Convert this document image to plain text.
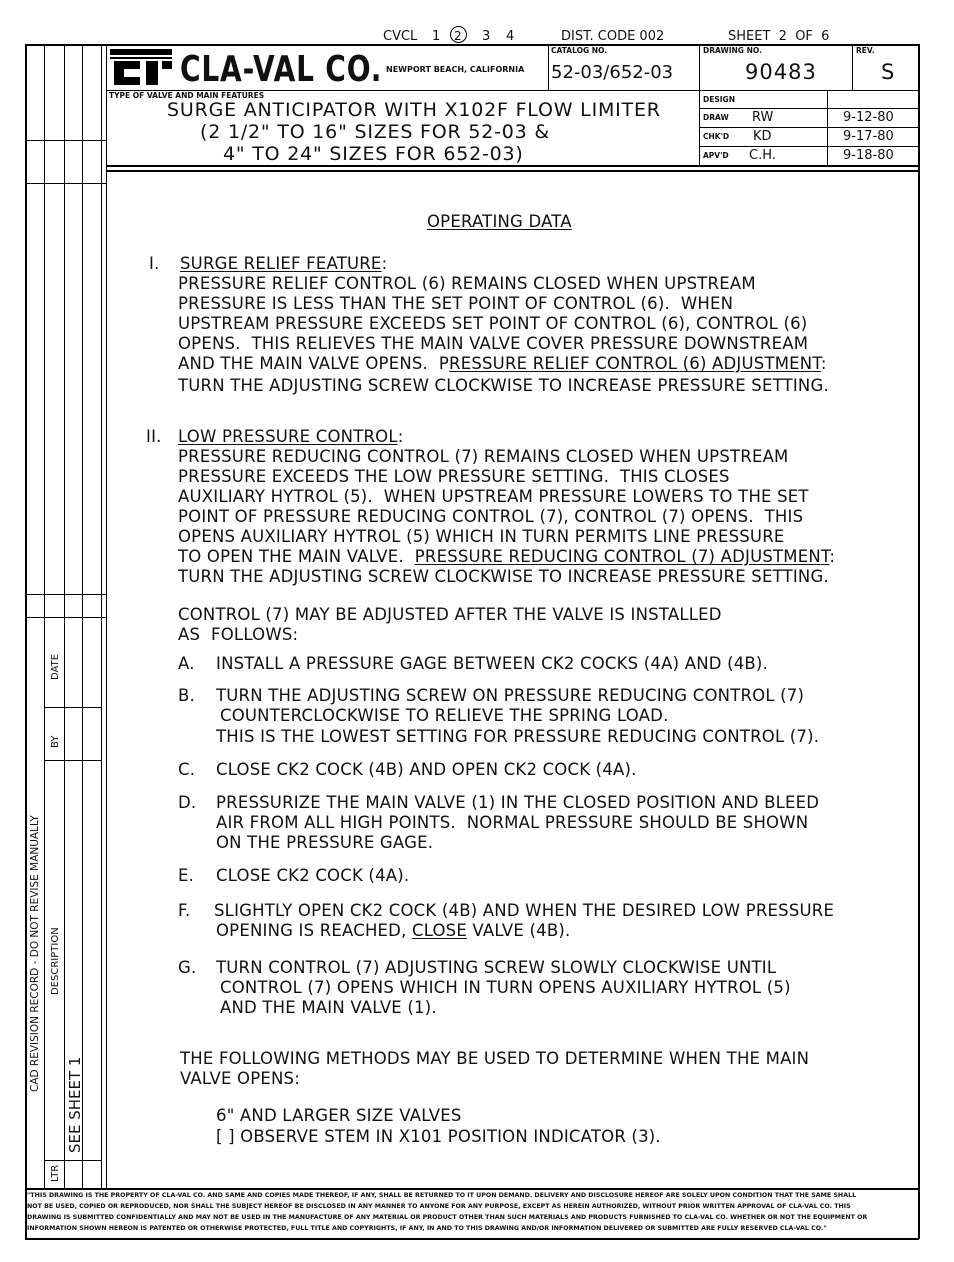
CVCL 1 2 3 4	DIST. CODE 002	SHEET  2  OF  6
CLA-VAL CO. NEWPORT BEACH, CALIFORNIA
CATALOG NO.
52-03/652-03
DRAWING NO.
90483
REV.
S
TYPE OF VALVE AND MAIN FEATURES
SURGE ANTICIPATOR WITH X102F FLOW LIMITER
(2 1/2" TO 16" SIZES FOR 52-03 &
4" TO 24" SIZES FOR 652-03)
DESIGN
DRAW RW	9-12-80
CHK'D KD	9-17-80
APV'D C.H.	9-18-80
DATE
BY
DESCRIPTION
LTR
SEE SHEET 1
CAD REVISION RECORD - DO NOT REVISE MANUALLY
OPERATING DATA
I. SURGE RELIEF FEATURE:
PRESSURE RELIEF CONTROL (6) REMAINS CLOSED WHEN UPSTREAM
PRESSURE IS LESS THAN THE SET POINT OF CONTROL (6).  WHEN
UPSTREAM PRESSURE EXCEEDS SET POINT OF CONTROL (6), CONTROL (6)
OPENS.  THIS RELIEVES THE MAIN VALVE COVER PRESSURE DOWNSTREAM
AND THE MAIN VALVE OPENS.  PRESSURE RELIEF CONTROL (6) ADJUSTMENT:
TURN THE ADJUSTING SCREW CLOCKWISE TO INCREASE PRESSURE SETTING.
II. LOW PRESSURE CONTROL:
PRESSURE REDUCING CONTROL (7) REMAINS CLOSED WHEN UPSTREAM
PRESSURE EXCEEDS THE LOW PRESSURE SETTING.  THIS CLOSES
AUXILIARY HYTROL (5).  WHEN UPSTREAM PRESSURE LOWERS TO THE SET
POINT OF PRESSURE REDUCING CONTROL (7), CONTROL (7) OPENS.  THIS
OPENS AUXILIARY HYTROL (5) WHICH IN TURN PERMITS LINE PRESSURE
TO OPEN THE MAIN VALVE.  PRESSURE REDUCING CONTROL (7) ADJUSTMENT:
TURN THE ADJUSTING SCREW CLOCKWISE TO INCREASE PRESSURE SETTING.
CONTROL (7) MAY BE ADJUSTED AFTER THE VALVE IS INSTALLED
AS  FOLLOWS:
A. INSTALL A PRESSURE GAGE BETWEEN CK2 COCKS (4A) AND (4B).
B. TURN THE ADJUSTING SCREW ON PRESSURE REDUCING CONTROL (7)
COUNTERCLOCKWISE TO RELIEVE THE SPRING LOAD.
THIS IS THE LOWEST SETTING FOR PRESSURE REDUCING CONTROL (7).
C. CLOSE CK2 COCK (4B) AND OPEN CK2 COCK (4A).
D. PRESSURIZE THE MAIN VALVE (1) IN THE CLOSED POSITION AND BLEED
AIR FROM ALL HIGH POINTS.  NORMAL PRESSURE SHOULD BE SHOWN
ON THE PRESSURE GAGE.
E. CLOSE CK2 COCK (4A).
F. SLIGHTLY OPEN CK2 COCK (4B) AND WHEN THE DESIRED LOW PRESSURE
OPENING IS REACHED, CLOSE VALVE (4B).
G. TURN CONTROL (7) ADJUSTING SCREW SLOWLY CLOCKWISE UNTIL
CONTROL (7) OPENS WHICH IN TURN OPENS AUXILIARY HYTROL (5)
AND THE MAIN VALVE (1).
THE FOLLOWING METHODS MAY BE USED TO DETERMINE WHEN THE MAIN
VALVE OPENS:
6" AND LARGER SIZE VALVES
[ ] OBSERVE STEM IN X101 POSITION INDICATOR (3).
"THIS DRAWING IS THE PROPERTY OF CLA-VAL CO. AND SAME AND COPIES MADE THEREOF, IF ANY, SHALL BE RETURNED TO IT UPON DEMAND. DELIVERY AND DISCLOSURE HEREOF ARE SOLELY UPON CONDITION THAT THE SAME SHALL
NOT BE USED, COPIED OR REPRODUCED, NOR SHALL THE SUBJECT HEREOF BE DISCLOSED IN ANY MANNER TO ANYONE FOR ANY PURPOSE, EXCEPT AS HEREIN AUTHORIZED, WITHOUT PRIOR WRITTEN APPROVAL OF CLA-VAL CO. THIS
DRAWING IS SUBMITTED CONFIDENTIALLY AND MAY NOT BE USED IN THE MANUFACTURE OF ANY MATERIAL OR PRODUCT OTHER THAN SUCH MATERIALS AND PRODUCTS FURNISHED TO CLA-VAL CO. WHETHER OR NOT THE EQUIPMENT OR
INFORMATION SHOWN HEREON IS PATENTED OR OTHERWISE PROTECTED, FULL TITLE AND COPYRIGHTS, IF ANY, IN AND TO THIS DRAWING AND/OR INFORMATION DELIVERED OR SUBMITTED ARE FULLY RESERVED CLA-VAL CO."
